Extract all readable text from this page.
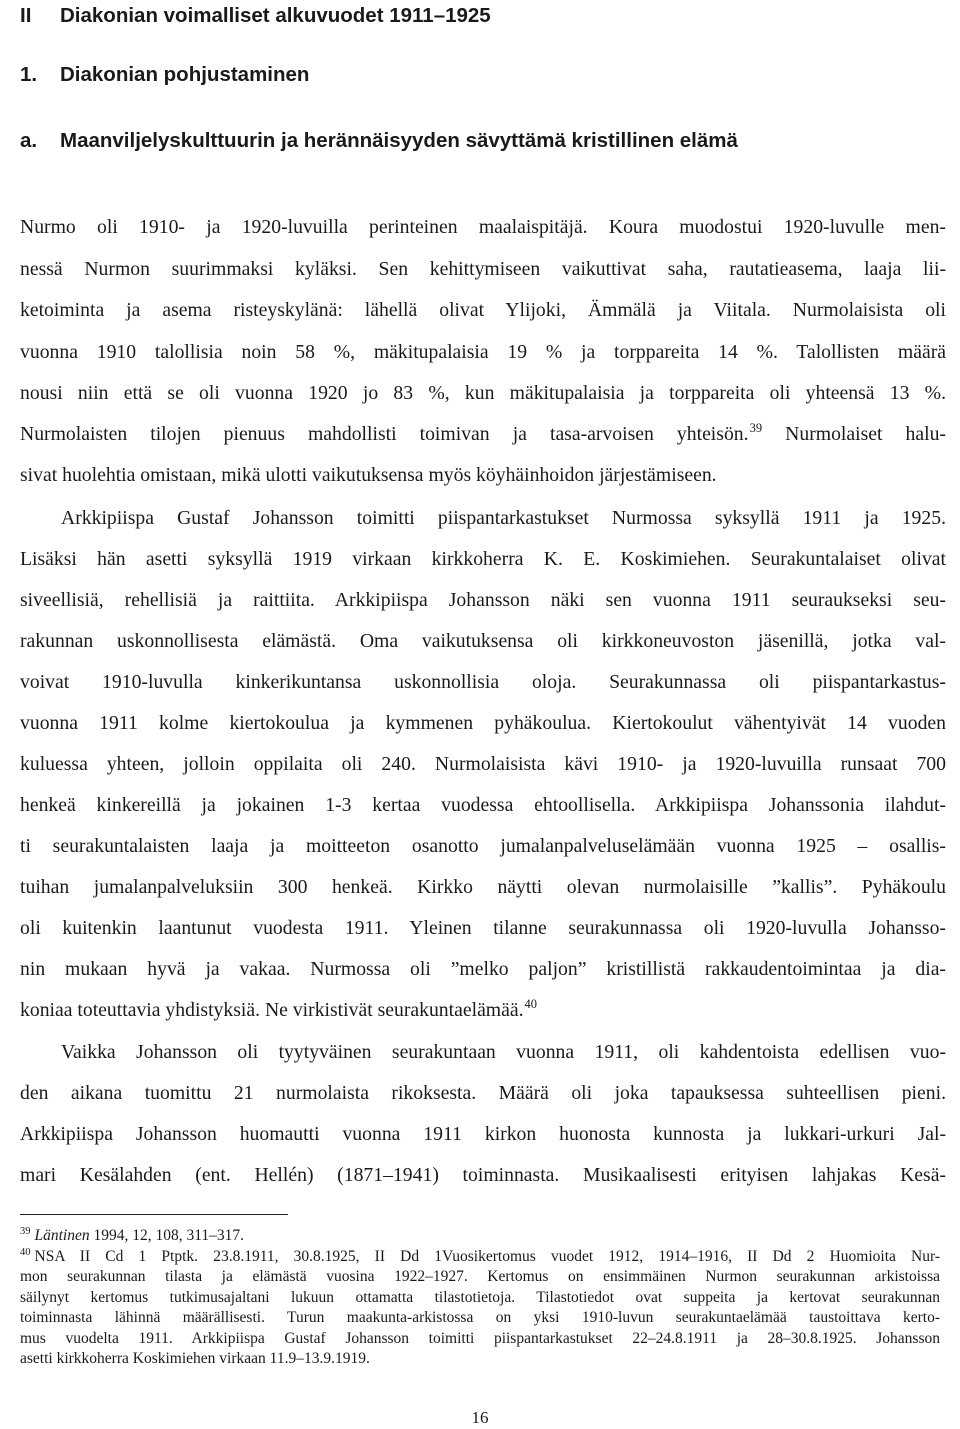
II Diakonian voimalliset alkuvuodet 1911–1925
1. Diakonian pohjustaminen
a. Maanviljelyskulttuurin ja herännäisyyden sävyttämä kristillinen elämä
Nurmo oli 1910- ja 1920-luvuilla perinteinen maalaispitäjä. Koura muodostui 1920-luvulle men-
nessä Nurmon suurimmaksi kyläksi. Sen kehittymiseen vaikuttivat saha, rautatieasema, laaja lii-
ketoiminta ja asema risteyskylänä: lähellä olivat Ylijoki, Ämmälä ja Viitala. Nurmolaisista oli
vuonna 1910 talollisia noin 58 %, mäkitupalaisia 19 % ja torppareita 14 %. Talollisten määrä
nousi niin että se oli vuonna 1920 jo 83 %, kun mäkitupalaisia ja torppareita oli yhteensä 13 %.
Nurmolaisten tilojen pienuus mahdollisti toimivan ja tasa-arvoisen yhteisön.$^{39}$ Nurmolaiset halu-
sivat huolehtia omistaan, mikä ulotti vaikutuksensa myös köyhäinhoidon järjestämiseen.
Arkkipiispa Gustaf Johansson toimitti piispantarkastukset Nurmossa syksyllä 1911 ja 1925.
Lisäksi hän asetti syksyllä 1919 virkaan kirkkoherra K. E. Koskimiehen. Seurakuntalaiset olivat
siveellisiä, rehellisiä ja raittiita. Arkkipiispa Johansson näki sen vuonna 1911 seuraukseksi seu-
rakunnan uskonnollisesta elämästä. Oma vaikutuksensa oli kirkkoneuvoston jäsenillä, jotka val-
voivat 1910-luvulla kinkerikuntansa uskonnollisia oloja. Seurakunnassa oli piispantarkastus-
vuonna 1911 kolme kiertokoulua ja kymmenen pyhäkoulua. Kiertokoulut vähentyivät 14 vuoden
kuluessa yhteen, jolloin oppilaita oli 240. Nurmolaisista kävi 1910- ja 1920-luvuilla runsaat 700
henkeä kinkereillä ja jokainen 1-3 kertaa vuodessa ehtoollisella. Arkkipiispa Johanssonia ilahdut-
ti seurakuntalaisten laaja ja moitteeton osanotto jumalanpalveluselämään vuonna 1925 – osallis-
tuihan jumalanpalveluksiin 300 henkeä. Kirkko näytti olevan nurmolaisille ”kallis”. Pyhäkoulu
oli kuitenkin laantunut vuodesta 1911. Yleinen tilanne seurakunnassa oli 1920-luvulla Johansso-
nin mukaan hyvä ja vakaa. Nurmossa oli ”melko paljon” kristillistä rakkaudentoimintaa ja dia-
koniaa toteuttavia yhdistyksiä. Ne virkistivät seurakuntaelämää.$^{40}$
Vaikka Johansson oli tyytyväinen seurakuntaan vuonna 1911, oli kahdentoista edellisen vuo-
den aikana tuomittu 21 nurmolaista rikoksesta. Määrä oli joka tapauksessa suhteellisen pieni.
Arkkipiispa Johansson huomautti vuonna 1911 kirkon huonosta kunnosta ja lukkari-urkuri Jal-
mari Kesälahden (ent. Hellén) (1871–1941) toiminnasta. Musikaalisesti erityisen lahjakas Kesä-
$^{39}$ Läntinen 1994, 12, 108, 311–317.
$^{40}$ NSA II Cd 1 Ptptk. 23.8.1911, 30.8.1925, II Dd 1Vuosikertomus vuodet 1912, 1914–1916, II Dd 2 Huomioita Nur-
mon seurakunnan tilasta ja elämästä vuosina 1922–1927. Kertomus on ensimmäinen Nurmon seurakunnan arkistoissa
säilynyt kertomus tutkimusajaltani lukuun ottamatta tilastotietoja. Tilastotiedot ovat suppeita ja kertovat seurakunnan
toiminnasta lähinnä määrällisesti. Turun maakunta-arkistossa on yksi 1910-luvun seurakuntaelämää taustoittava kerto-
mus vuodelta 1911. Arkkipiispa Gustaf Johansson toimitti piispantarkastukset 22–24.8.1911 ja 28–30.8.1925. Johansson
asetti kirkkoherra Koskimiehen virkaan 11.9–13.9.1919.
16
